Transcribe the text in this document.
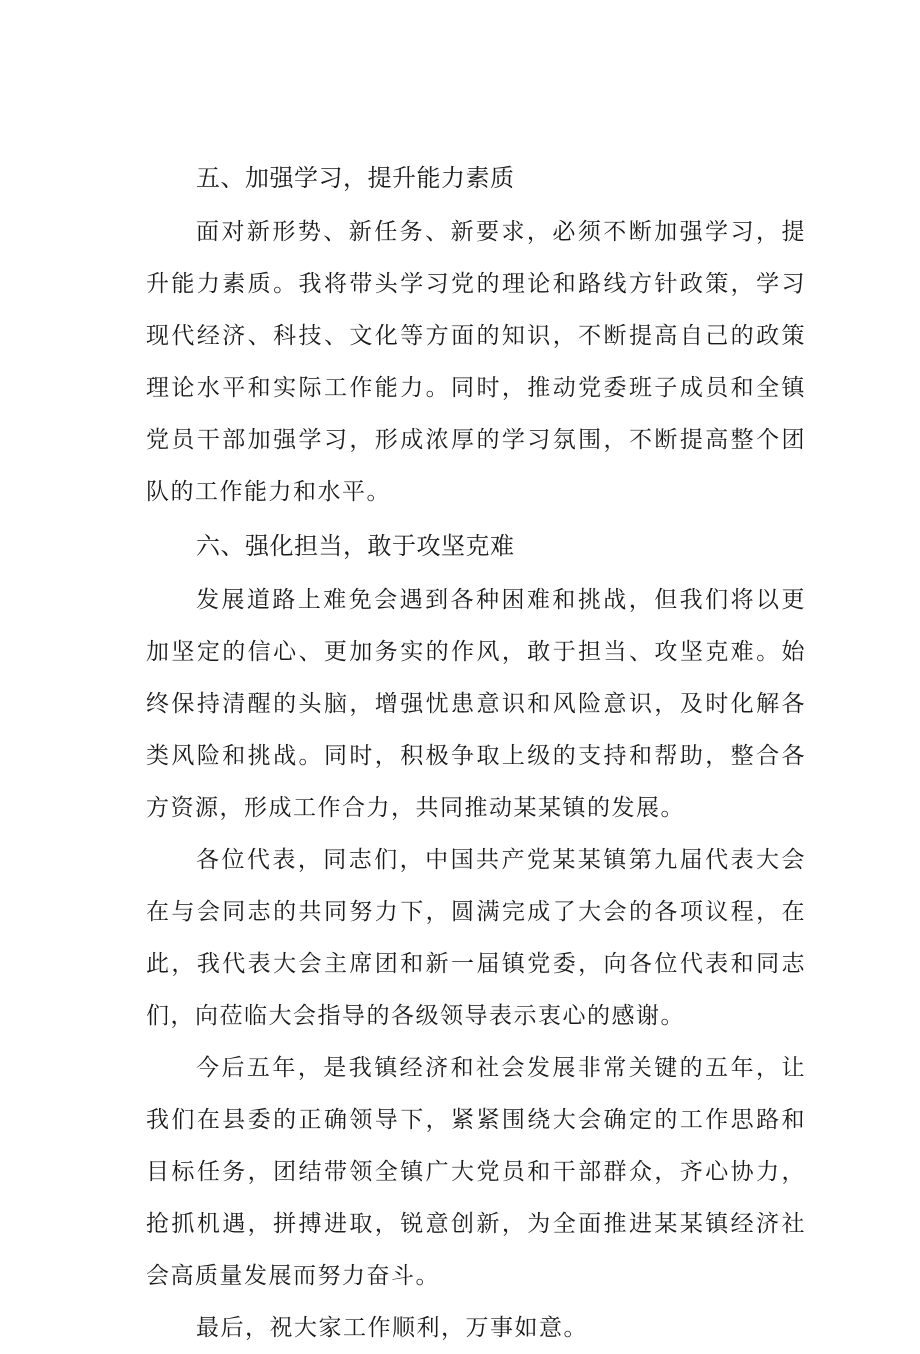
五、加强学习，提升能力素质

面对新形势、新任务、新要求，必须不断加强学习，提升能力素质。我将带头学习党的理论和路线方针政策，学习现代经济、科技、文化等方面的知识，不断提高自己的政策理论水平和实际工作能力。同时，推动党委班子成员和全镇党员干部加强学习，形成浓厚的学习氛围，不断提高整个团队的工作能力和水平。

六、强化担当，敢于攻坚克难

发展道路上难免会遇到各种困难和挑战，但我们将以更加坚定的信心、更加务实的作风，敢于担当、攻坚克难。始终保持清醒的头脑，增强忧患意识和风险意识，及时化解各类风险和挑战。同时，积极争取上级的支持和帮助，整合各方资源，形成工作合力，共同推动某某镇的发展。

各位代表，同志们，中国共产党某某镇第九届代表大会在与会同志的共同努力下，圆满完成了大会的各项议程，在此，我代表大会主席团和新一届镇党委，向各位代表和同志们，向莅临大会指导的各级领导表示衷心的感谢。

今后五年，是我镇经济和社会发展非常关键的五年，让我们在县委的正确领导下，紧紧围绕大会确定的工作思路和目标任务，团结带领全镇广大党员和干部群众，齐心协力，抢抓机遇，拼搏进取，锐意创新，为全面推进某某镇经济社会高质量发展而努力奋斗。

最后，祝大家工作顺利，万事如意。
